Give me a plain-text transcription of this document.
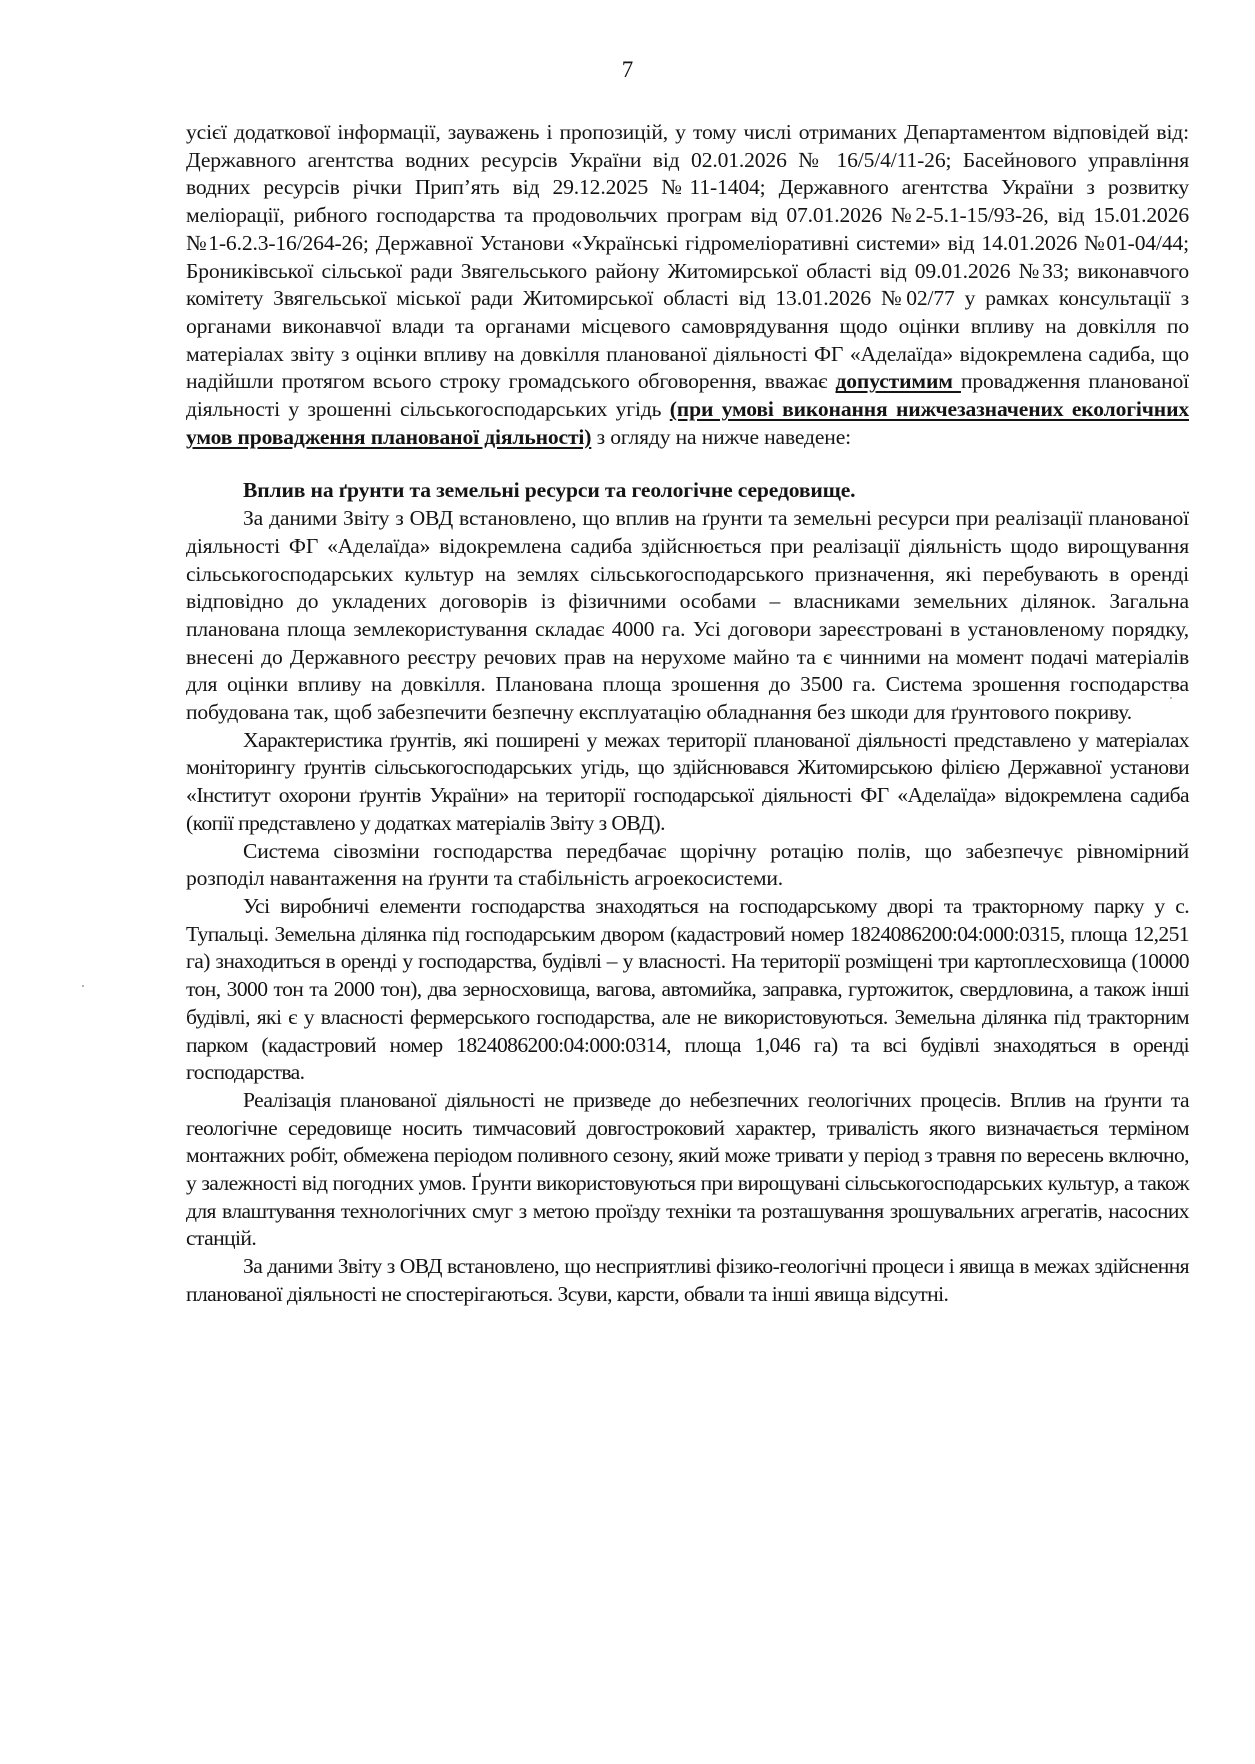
7

усієї додаткової інформації, зауважень і пропозицій, у тому числі отриманих Департаментом відповідей від: Державного агентства водних ресурсів України від 02.01.2026 № 16/5/4/11-26; Басейнового управління водних ресурсів річки Прип’ять від 29.12.2025 №11-1404; Державного агентства України з розвитку меліорації, рибного господарства та продовольчих програм від 07.01.2026 №2-5.1-15/93-26, від 15.01.2026 №1-6.2.3-16/264-26; Державної Установи «Українські гідромеліоративні системи» від 14.01.2026 №01-04/44; Брониківської сільської ради Звягельського району Житомирської області від 09.01.2026 №33; виконавчого комітету Звягельської міської ради Житомирської області від 13.01.2026 №02/77 у рамках консультації з органами виконавчої влади та органами місцевого самоврядування щодо оцінки впливу на довкілля по матеріалах звіту з оцінки впливу на довкілля планованої діяльності ФГ «Аделаїда» відокремлена садиба, що надійшли протягом всього строку громадського обговорення, вважає допустимим провадження планованої діяльності у зрошенні сільськогосподарських угідь (при умові виконання нижчезазначених екологічних умов провадження планованої діяльності) з огляду на нижче наведене:

Вплив на ґрунти та земельні ресурси та геологічне середовище.

За даними Звіту з ОВД встановлено, що вплив на ґрунти та земельні ресурси при реалізації планованої діяльності ФГ «Аделаїда» відокремлена садиба здійснюється при реалізації діяльність щодо вирощування сільськогосподарських культур на землях сільськогосподарського призначення, які перебувають в оренді відповідно до укладених договорів із фізичними особами – власниками земельних ділянок. Загальна планована площа землекористування складає 4000 га. Усі договори зареєстровані в установленому порядку, внесені до Державного реєстру речових прав на нерухоме майно та є чинними на момент подачі матеріалів для оцінки впливу на довкілля. Планована площа зрошення до 3500 га. Система зрошення господарства побудована так, щоб забезпечити безпечну експлуатацію обладнання без шкоди для ґрунтового покриву.

Характеристика ґрунтів, які поширені у межах території планованої діяльності представлено у матеріалах моніторингу ґрунтів сільськогосподарських угідь, що здійснювався Житомирською філією Державної установи «Інститут охорони ґрунтів України» на території господарської діяльності ФГ «Аделаїда» відокремлена садиба (копії представлено у додатках матеріалів Звіту з ОВД).

Система сівозміни господарства передбачає щорічну ротацію полів, що забезпечує рівномірний розподіл навантаження на ґрунти та стабільність агроекосистеми.

Усі виробничі елементи господарства знаходяться на господарському дворі та тракторному парку у с. Тупальці. Земельна ділянка під господарським двором (кадастровий номер 1824086200:04:000:0315, площа 12,251 га) знаходиться в оренді у господарства, будівлі – у власності. На території розміщені три картоплесховища (10000 тон, 3000 тон та 2000 тон), два зерносховища, вагова, автомийка, заправка, гуртожиток, свердловина, а також інші будівлі, які є у власності фермерського господарства, але не використовуються. Земельна ділянка під тракторним парком (кадастровий номер 1824086200:04:000:0314, площа 1,046 га) та всі будівлі знаходяться в оренді господарства.

Реалізація планованої діяльності не призведе до небезпечних геологічних процесів. Вплив на ґрунти та геологічне середовище носить тимчасовий довгостроковий характер, тривалість якого визначається терміном монтажних робіт, обмежена періодом поливного сезону, який може тривати у період з травня по вересень включно, у залежності від погодних умов. Ґрунти використовуються при вирощувані сільськогосподарських культур, а також для влаштування технологічних смуг з метою проїзду техніки та розташування зрошувальних агрегатів, насосних станцій.

За даними Звіту з ОВД встановлено, що несприятливі фізико-геологічні процеси і явища в межах здійснення планованої діяльності не спостерігаються. Зсуви, карсти, обвали та інші явища відсутні.
